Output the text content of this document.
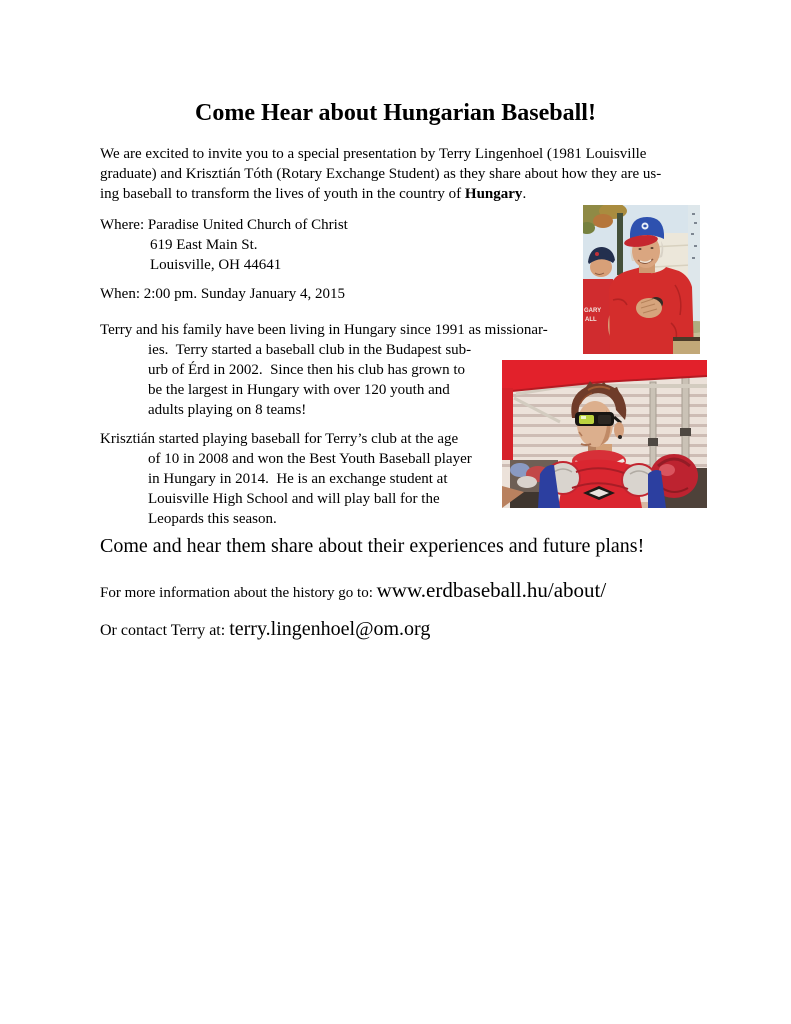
Come Hear about Hungarian Baseball!
We are excited to invite you to a special presentation by Terry Lingenhoel (1981 Louisville
graduate) and Krisztián Tóth (Rotary Exchange Student) as they share about how they are us-
ing baseball to transform the lives of youth in the country of Hungary.
Where: Paradise United Church of Christ
619 East Main St.
Louisville, OH 44641
When: 2:00 pm. Sunday January 4, 2015
Terry and his family have been living in Hungary since 1991 as missionar-
ies.  Terry started a baseball club in the Budapest sub-
urb of Érd in 2002.  Since then his club has grown to
be the largest in Hungary with over 120 youth and
adults playing on 8 teams!
Krisztián started playing baseball for Terry’s club at the age
of 10 in 2008 and won the Best Youth Baseball player
in Hungary in 2014.  He is an exchange student at
Louisville High School and will play ball for the
Leopards this season.
Come and hear them share about their experiences and future plans!
For more information about the history go to: www.erdbaseball.hu/about/
Or contact Terry at: terry.lingenhoel@om.org
GARY
ALL
